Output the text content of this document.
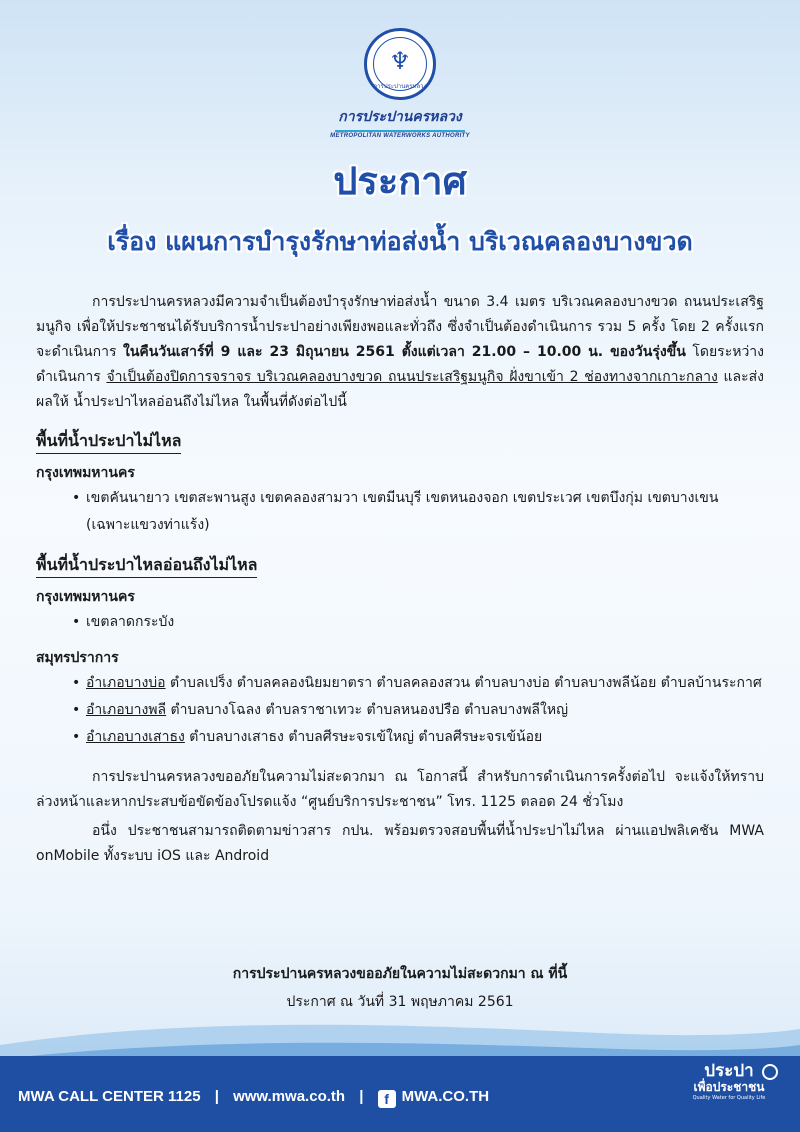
♆
การประปานครหลวง
การประปานครหลวง
METROPOLITAN WATERWORKS AUTHORITY
ประกาศ
เรื่อง แผนการบำรุงรักษาท่อส่งน้ำ บริเวณคลองบางขวด

การประปานครหลวงมีความจำเป็นต้องบำรุงรักษาท่อส่งน้ำ ขนาด 3.4 เมตร บริเวณคลองบางขวด ถนนประเสริฐมนูกิจ เพื่อให้ประชาชนได้รับบริการน้ำประปาอย่างเพียงพอและทั่วถึง ซึ่งจำเป็นต้องดำเนินการ รวม 5 ครั้ง โดย 2 ครั้งแรกจะดำเนินการ ในคืนวันเสาร์ที่ 9 และ 23 มิถุนายน 2561 ตั้งแต่เวลา 21.00 – 10.00 น. ของวันรุ่งขึ้น โดยระหว่างดำเนินการ จำเป็นต้องปิดการจราจร บริเวณคลองบางขวด ถนนประเสริฐมนูกิจ ฝั่งขาเข้า 2 ช่องทางจากเกาะกลาง และส่งผลให้ น้ำประปาไหลอ่อนถึงไม่ไหล ในพื้นที่ดังต่อไปนี้

พื้นที่น้ำประปาไม่ไหล
กรุงเทพมหานคร
• เขตคันนายาว เขตสะพานสูง เขตคลองสามวา เขตมีนบุรี เขตหนองจอก เขตประเวศ เขตบึงกุ่ม เขตบางเขน (เฉพาะแขวงท่าแร้ง)
พื้นที่น้ำประปาไหลอ่อนถึงไม่ไหล
กรุงเทพมหานคร
• เขตลาดกระบัง
สมุทรปราการ
• อำเภอบางบ่อ ตำบลเปร็ง ตำบลคลองนิยมยาตรา ตำบลคลองสวน ตำบลบางบ่อ ตำบลบางพลีน้อย ตำบลบ้านระกาศ
• อำเภอบางพลี ตำบลบางโฉลง ตำบลราชาเทวะ ตำบลหนองปรือ ตำบลบางพลีใหญ่
• อำเภอบางเสาธง ตำบลบางเสาธง ตำบลศีรษะจรเข้ใหญ่ ตำบลศีรษะจรเข้น้อย

การประปานครหลวงขออภัยในความไม่สะดวกมา ณ โอกาสนี้ สำหรับการดำเนินการครั้งต่อไป จะแจ้งให้ทราบล่วงหน้าและหากประสบข้อขัดข้องโปรดแจ้ง “ศูนย์บริการประชาชน” โทร. 1125 ตลอด 24 ชั่วโมง

อนึ่ง ประชาชนสามารถติดตามข่าวสาร กปน. พร้อมตรวจสอบพื้นที่น้ำประปาไม่ไหล ผ่านแอปพลิเคชัน MWA onMobile ทั้งระบบ iOS และ Android

การประปานครหลวงขออภัยในความไม่สะดวกมา ณ ที่นี้
ประกาศ ณ วันที่ 31 พฤษภาคม 2561
MWA CALL CENTER 1125 | www.mwa.co.th | f MWA.CO.TH
ประปา
เพื่อประชาชน
Quality Water for Quality Life
